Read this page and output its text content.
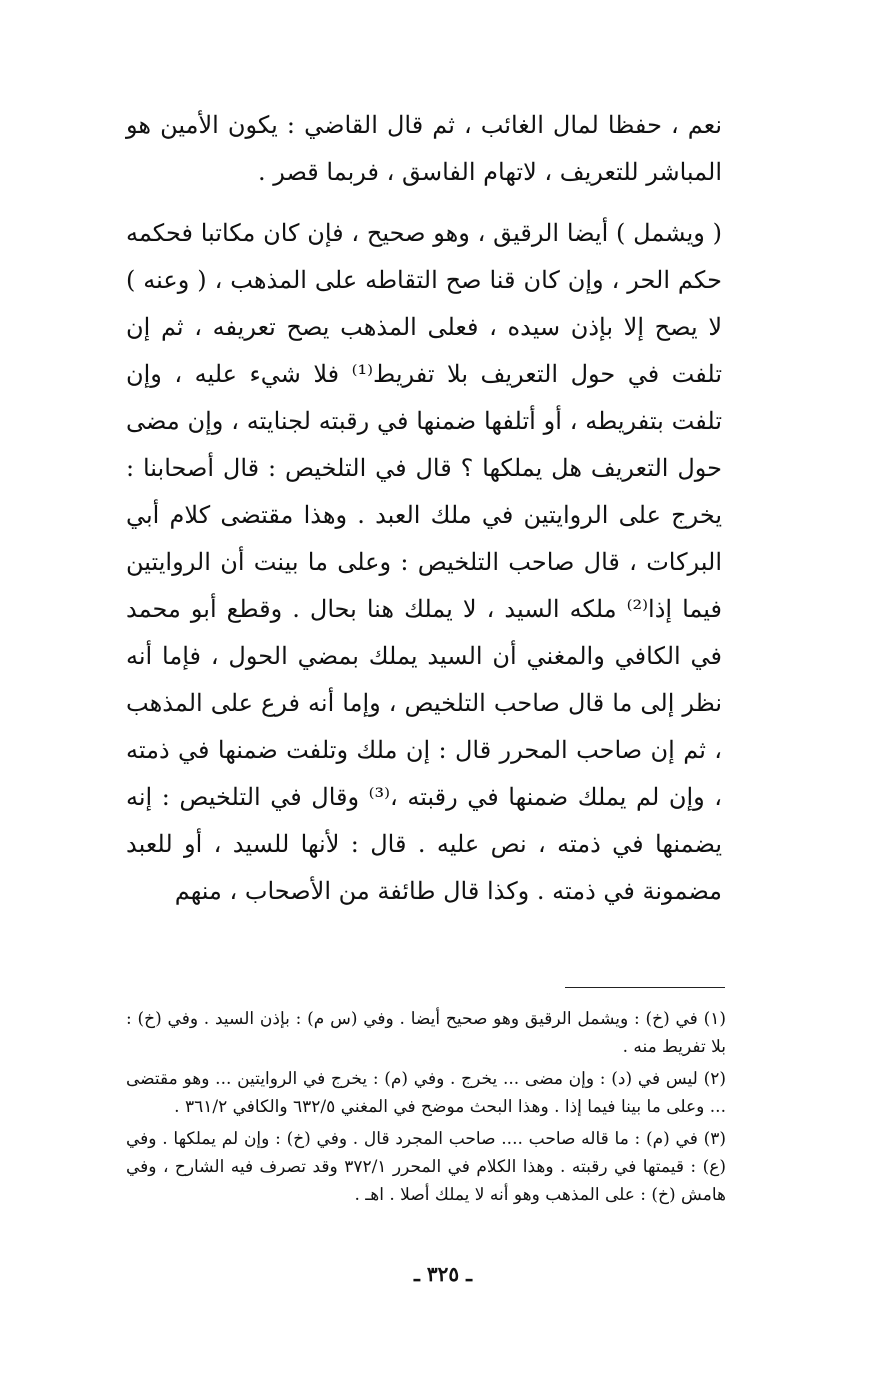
نعم ، حفظا لمال الغائب ، ثم قال القاضي : يكون الأمين هو المباشر للتعريف ، لاتهام الفاسق ، فربما قصر .

( ويشمل ) أيضا الرقيق ، وهو صحيح ، فإن كان مكاتبا فحكمه حكم الحر ، وإن كان قنا صح التقاطه على المذهب ، ( وعنه ) لا يصح إلا بإذن سيده ، فعلى المذهب يصح تعريفه ، ثم إن تلفت في حول التعريف بلا تفريط⁽¹⁾ فلا شيء عليه ، وإن تلفت بتفريطه ، أو أتلفها ضمنها في رقبته لجنايته ، وإن مضى حول التعريف هل يملكها ؟ قال في التلخيص : قال أصحابنا : يخرج على الروايتين في ملك العبد . وهذا مقتضى كلام أبي البركات ، قال صاحب التلخيص : وعلى ما بينت أن الروايتين فيما إذا⁽²⁾ ملكه السيد ، لا يملك هنا بحال . وقطع أبو محمد في الكافي والمغني أن السيد يملك بمضي الحول ، فإما أنه نظر إلى ما قال صاحب التلخيص ، وإما أنه فرع على المذهب ، ثم إن صاحب المحرر قال : إن ملك وتلفت ضمنها في ذمته ، وإن لم يملك ضمنها في رقبته ،⁽³⁾ وقال في التلخيص : إنه يضمنها في ذمته ، نص عليه . قال : لأنها للسيد ، أو للعبد مضمونة في ذمته . وكذا قال طائفة من الأصحاب ، منهم

(١) في (خ) : ويشمل الرقيق وهو صحيح أيضا . وفي (س م) : بإذن السيد . وفي (خ) : بلا تفريط منه .

(٢) ليس في (د) : وإن مضى ... يخرج . وفي (م) : يخرج في الروايتين ... وهو مقتضى ... وعلى ما بينا فيما إذا . وهذا البحث موضح في المغني ٦٣٢/٥ والكافي ٣٦١/٢ .

(٣) في (م) : ما قاله صاحب .... صاحب المجرد قال . وفي (خ) : وإن لم يملكها . وفي (ع) : قيمتها في رقبته . وهذا الكلام في المحرر ٣٧٢/١ وقد تصرف فيه الشارح ، وفي هامش (خ) : على المذهب وهو أنه لا يملك أصلا . اهـ .

ـ ٣٢٥ ـ
